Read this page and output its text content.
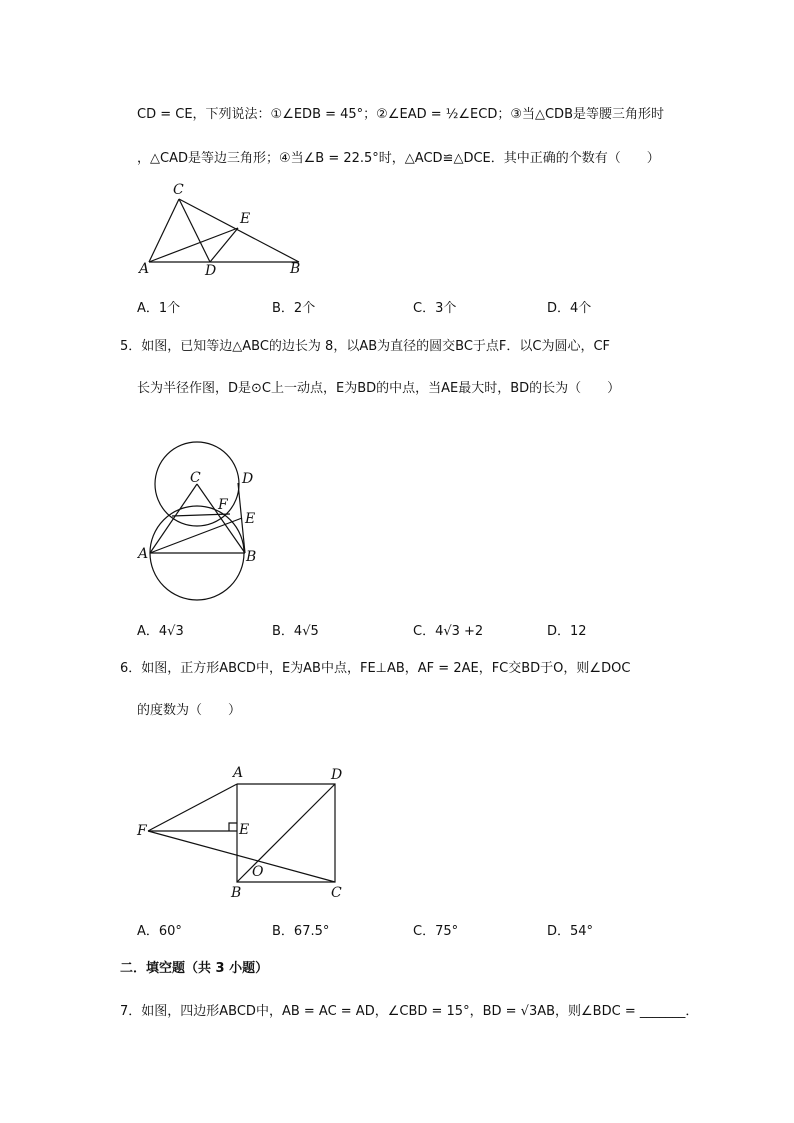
CD = CE，下列说法：①∠EDB = 45°；②∠EAD = ½∠ECD；③当△CDB是等腰三角形时
，△CAD是等边三角形；④当∠B = 22.5°时，△ACD≌△DCE．其中正确的个数有（　　）
C
E
A	D	B
A．1个	B．2个	C．3个	D．4个
5．如图，已知等边△ABC的边长为 8，以AB为直径的圆交BC于点F．以C为圆心，CF
长为半径作图，D是⊙C上一动点，E为BD的中点，当AE最大时，BD的长为（　　）
C	D
F
E
A	B
A．4√3	B．4√5	C．4√3 +2	D．12
6．如图，正方形ABCD中，E为AB中点，FE⊥AB，AF = 2AE，FC交BD于O，则∠DOC
的度数为（　　）
A	D
F	E
O
B	C
A．60°	B．67.5°	C．75°	D．54°
二．填空题（共 3 小题）
7．如图，四边形ABCD中，AB = AC = AD，∠CBD = 15°，BD = √3AB，则∠BDC = _______．
